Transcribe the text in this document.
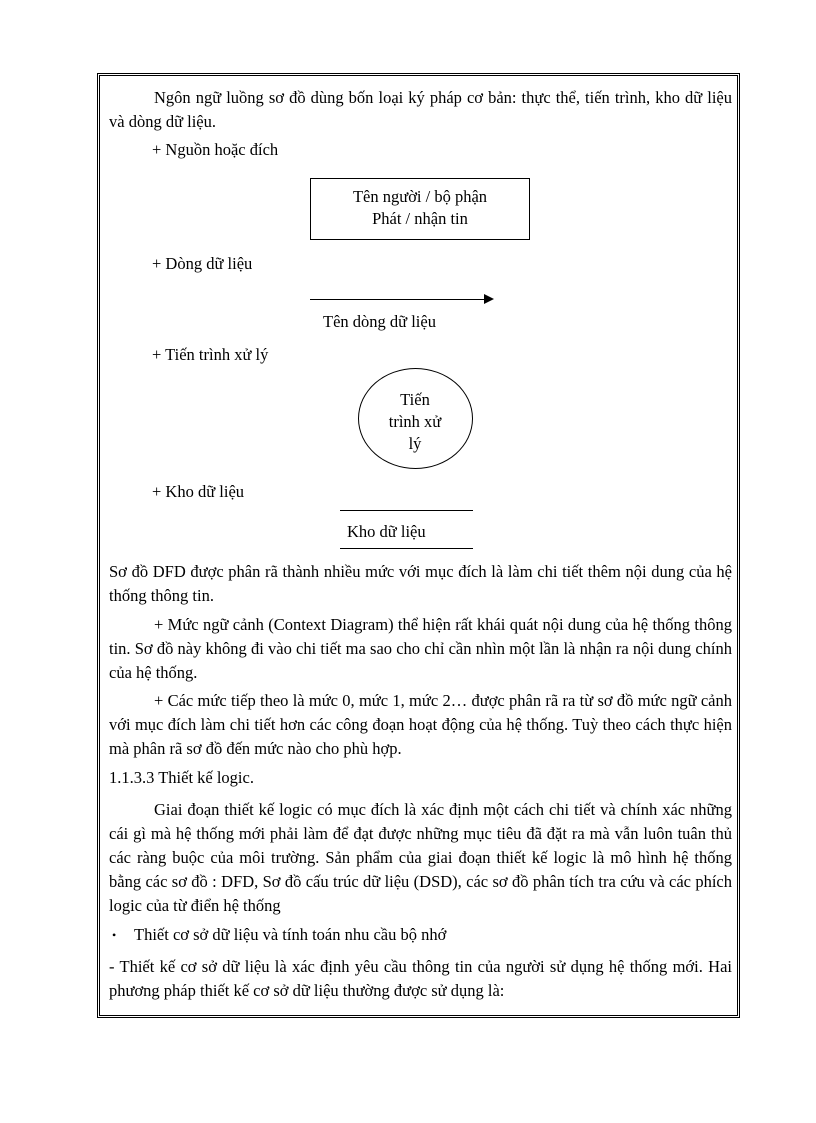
Ngôn ngữ luồng sơ đồ dùng bốn loại ký pháp cơ bản: thực thể, tiến trình, kho dữ liệu và dòng dữ liệu.

+ Nguồn hoặc đích

Tên người / bộ phận
Phát / nhận tin

+ Dòng dữ liệu

Tên dòng dữ liệu

+ Tiến trình xử lý

Tiến
trình xử
lý

+ Kho dữ liệu

Kho dữ liệu

Sơ đồ DFD được phân rã thành nhiều mức với mục đích là làm chi tiết thêm nội dung của hệ thống thông tin.

+ Mức ngữ cảnh (Context Diagram) thể hiện rất khái quát nội dung của hệ thống thông tin. Sơ đồ này không đi vào chi tiết ma sao cho chỉ cần nhìn một lần là nhận ra nội dung chính của hệ thống.

+ Các mức tiếp theo là mức 0, mức 1, mức 2… được phân rã ra từ sơ đồ mức ngữ cảnh với mục đích làm chi tiết hơn các công đoạn hoạt động của hệ thống. Tuỳ theo cách thực hiện mà phân rã sơ đồ đến mức nào cho phù hợp.

1.1.3.3 Thiết kế logic.

Giai đoạn thiết kế logic có mục đích là xác định một cách chi tiết và chính xác những cái gì mà hệ thống mới phải làm để đạt được những mục tiêu đã đặt ra mà vẫn luôn tuân thủ các ràng buộc của môi trường. Sản phẩm của giai đoạn thiết kế logic là mô hình hệ thống bằng các sơ đồ : DFD, Sơ đồ cấu trúc dữ liệu (DSD), các sơ đồ phân tích tra cứu và các phích logic của từ điển hệ thống

• Thiết cơ sở dữ liệu và tính toán nhu cầu bộ nhớ

- Thiết kế cơ sở dữ liệu là xác định yêu cầu thông tin của người sử dụng hệ thống mới. Hai phương pháp thiết kế cơ sở dữ liệu thường được sử dụng là:
